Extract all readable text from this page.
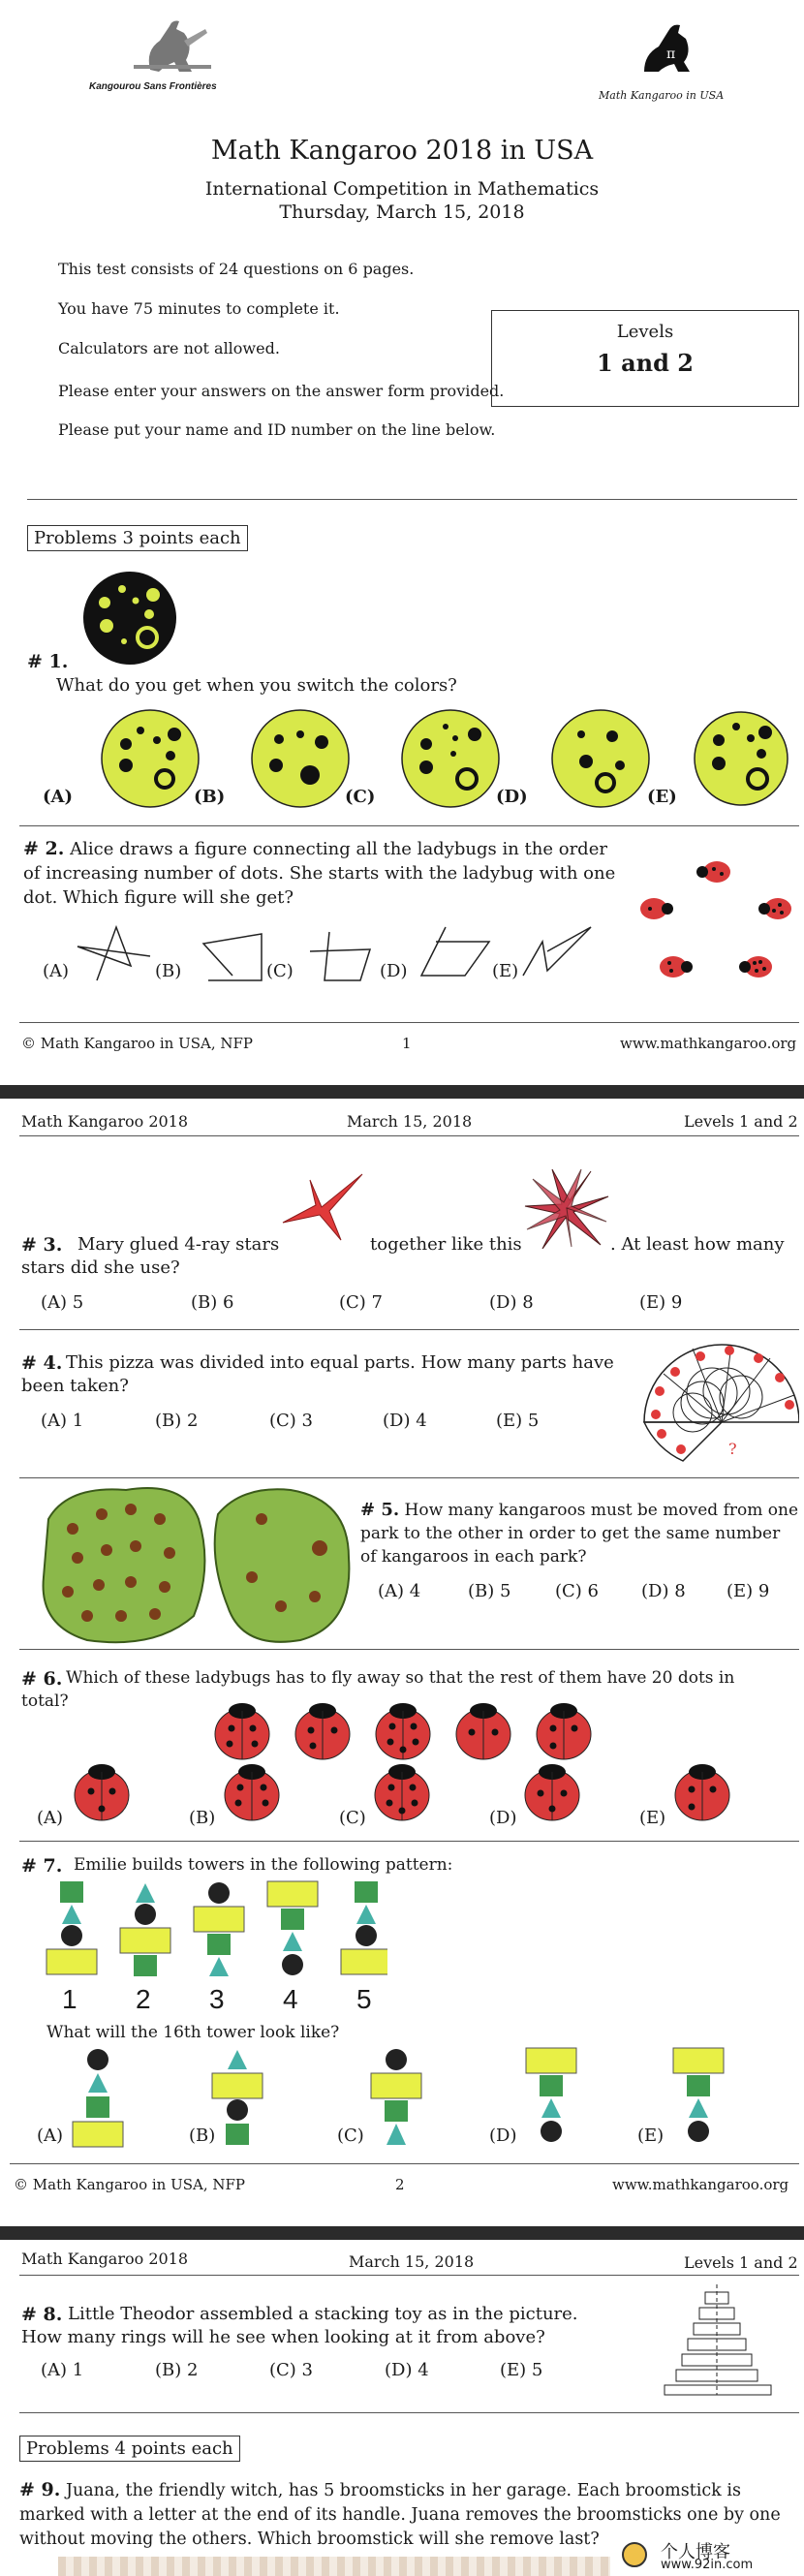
Kangourou Sans Frontières
π
Math Kangaroo in USA
Math Kangaroo 2018 in USA
International Competition in Mathematics
Thursday, March 15, 2018
This test consists of 24 questions on 6 pages.
You have 75 minutes to complete it.
Calculators are not allowed.
Please enter your answers on the answer form provided.
Please put your name and ID number on the line below.
Levels
1 and 2
Problems 3 points each
# 1.
What do you get when you switch the colors?
(A)	(B)	(C)	(D)	(E)
# 2. Alice draws a figure connecting all the ladybugs in the order
of increasing number of dots. She starts with the ladybug with one
dot. Which figure will she get?
(A)	(B)	(C)	(D)	(E)
© Math Kangaroo in USA, NFP	1	www.mathkangaroo.org
Math Kangaroo 2018	March 15, 2018	Levels 1 and 2
# 3. Mary glued 4-ray stars	together like this	. At least how many
stars did she use?
(A) 5	(B) 6	(C) 7	(D) 8	(E) 9
# 4. This pizza was divided into equal parts. How many parts have
been taken?
(A) 1	(B) 2	(C) 3	(D) 4	(E) 5
?
# 5. How many kangaroos must be moved from one
park to the other in order to get the same number
of kangaroos in each park?
(A) 4	(B) 5	(C) 6 (D) 8 (E) 9
# 6. Which of these ladybugs has to fly away so that the rest of them have 20 dots in
total?
(A)	(B)	(C)	(D)	(E)
# 7. Emilie builds towers in the following pattern:
1 2 3 4 5
What will the 16th tower look like?
(A)	(B)	(C)	(D)	(E)
© Math Kangaroo in USA, NFP	2	www.mathkangaroo.org
Math Kangaroo 2018	March 15, 2018	Levels 1 and 2
# 8. Little Theodor assembled a stacking toy as in the picture.
How many rings will he see when looking at it from above?
(A) 1	(B) 2	(C) 3	(D) 4	(E) 5
Problems 4 points each
# 9. Juana, the friendly witch, has 5 broomsticks in her garage. Each broomstick is
marked with a letter at the end of its handle. Juana removes the broomsticks one by one
without moving the others. Which broomstick will she remove last?
个人博客
www.92in.com
